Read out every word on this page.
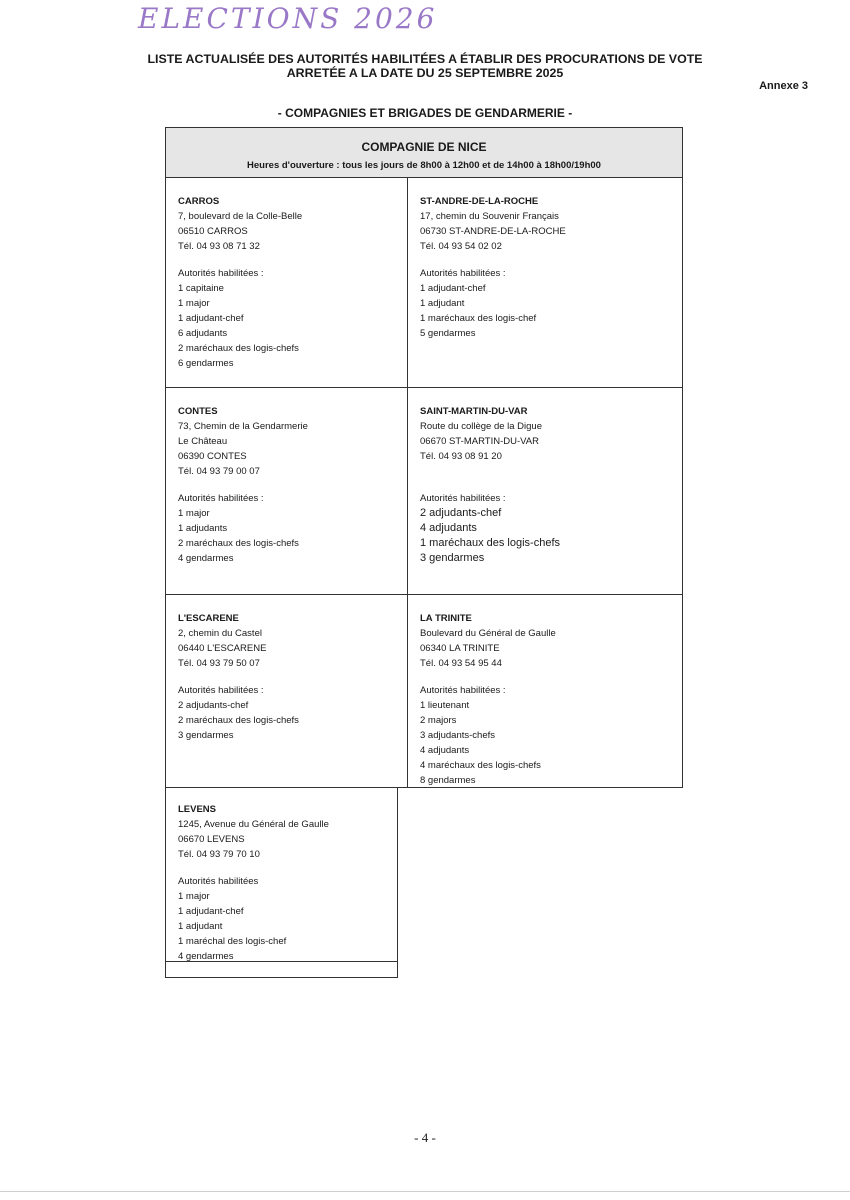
ELECTIONS 2026
LISTE ACTUALISÉE DES AUTORITÉS HABILITÉES A ÉTABLIR DES PROCURATIONS DE VOTE
ARRETÉE A LA DATE DU 25 SEPTEMBRE 2025
Annexe 3
- COMPAGNIES ET BRIGADES DE GENDARMERIE -
COMPAGNIE DE NICE
Heures d'ouverture : tous les jours de 8h00 à 12h00 et de 14h00 à 18h00/19h00
CARROS
7, boulevard de la Colle-Belle
06510 CARROS
Tél. 04 93 08 71 32
Autorités habilitées :
1 capitaine
1 major
1 adjudant-chef
6 adjudants
2 maréchaux des logis-chefs
6 gendarmes
ST-ANDRE-DE-LA-ROCHE
17, chemin du Souvenir Français
06730 ST-ANDRE-DE-LA-ROCHE
Tél. 04 93 54 02 02
Autorités habilitées :
1 adjudant-chef
1 adjudant
1 maréchaux des logis-chef
5 gendarmes
CONTES
73, Chemin de la Gendarmerie
Le Château
06390 CONTES
Tél. 04 93 79 00 07
Autorités habilitées :
1 major
1 adjudants
2 maréchaux des logis-chefs
4 gendarmes
SAINT-MARTIN-DU-VAR
Route du collège de la Digue
06670 ST-MARTIN-DU-VAR
Tél. 04 93 08 91 20
Autorités habilitées :
2 adjudants-chef
4 adjudants
1 maréchaux des logis-chefs
3 gendarmes
L'ESCARENE
2, chemin du Castel
06440 L'ESCARENE
Tél. 04 93 79 50 07
Autorités habilitées :
2 adjudants-chef
2 maréchaux des logis-chefs
3 gendarmes
LA TRINITE
Boulevard du Général de Gaulle
06340 LA TRINITE
Tél. 04 93 54 95 44
Autorités habilitées :
1 lieutenant
2 majors
3 adjudants-chefs
4 adjudants
4 maréchaux des logis-chefs
8 gendarmes
LEVENS
1245, Avenue du Général de Gaulle
06670 LEVENS
Tél. 04 93 79 70 10
Autorités habilitées
1 major
1 adjudant-chef
1 adjudant
1 maréchal des logis-chef
4 gendarmes
- 4 -
